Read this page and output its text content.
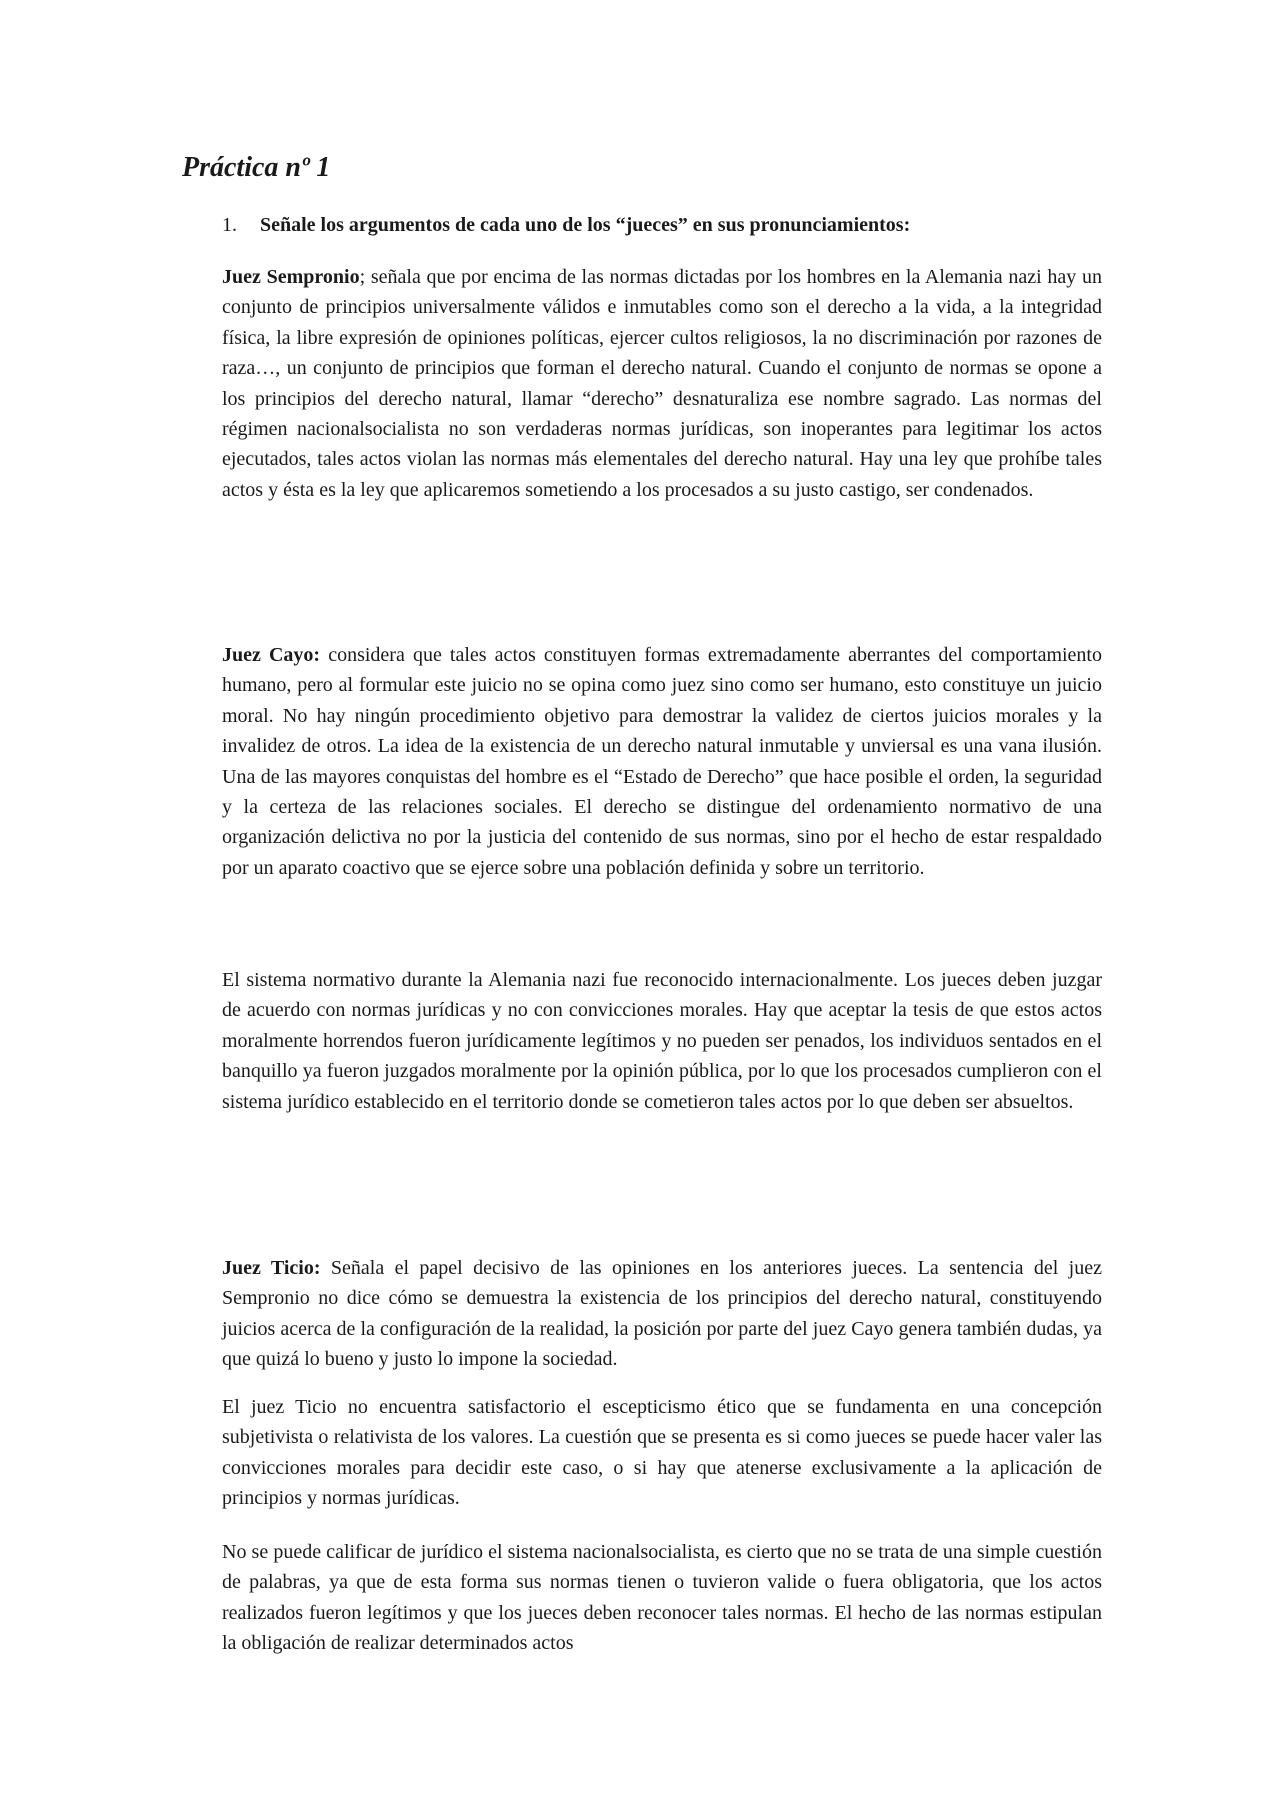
Práctica nº 1

1. Señale los argumentos de cada uno de los “jueces” en sus pronunciamientos:

Juez Sempronio; señala que por encima de las normas dictadas por los hombres en la Alemania nazi hay un conjunto de principios universalmente válidos e inmutables como son el derecho a la vida, a la integridad física, la libre expresión de opiniones políticas, ejercer cultos religiosos, la no discriminación por razones de raza…, un conjunto de principios que forman el derecho natural. Cuando el conjunto de normas se opone a los principios del derecho natural, llamar “derecho” desnaturaliza ese nombre sagrado. Las normas del régimen nacionalsocialista no son verdaderas normas jurídicas, son inoperantes para legitimar los actos ejecutados, tales actos violan las normas más elementales del derecho natural. Hay una ley que prohíbe tales actos y ésta es la ley que aplicaremos sometiendo a los procesados a su justo castigo, ser condenados.

Juez Cayo: considera que tales actos constituyen formas extremadamente aberrantes del comportamiento humano, pero al formular este juicio no se opina como juez sino como ser humano, esto constituye un juicio moral. No hay ningún procedimiento objetivo para demostrar la validez de ciertos juicios morales y la invalidez de otros. La idea de la existencia de un derecho natural inmutable y unviersal es una vana ilusión. Una de las mayores conquistas del hombre es el “Estado de Derecho” que hace posible el orden, la seguridad y la certeza de las relaciones sociales. El derecho se distingue del ordenamiento normativo de una organización delictiva no por la justicia del contenido de sus normas, sino por el hecho de estar respaldado por un aparato coactivo que se ejerce sobre una población definida y sobre un territorio.

El sistema normativo durante la Alemania nazi fue reconocido internacionalmente. Los jueces deben juzgar de acuerdo con normas jurídicas y no con convicciones morales. Hay que aceptar la tesis de que estos actos moralmente horrendos fueron jurídicamente legítimos y no pueden ser penados, los individuos sentados en el banquillo ya fueron juzgados moralmente por la opinión pública, por lo que los procesados cumplieron con el sistema jurídico establecido en el territorio donde se cometieron tales actos por lo que deben ser absueltos.

Juez Ticio: Señala el papel decisivo de las opiniones en los anteriores jueces. La sentencia del juez Sempronio no dice cómo se demuestra la existencia de los principios del derecho natural, constituyendo juicios acerca de la configuración de la realidad, la posición por parte del juez Cayo genera también dudas, ya que quizá lo bueno y justo lo impone la sociedad.

El juez Ticio no encuentra satisfactorio el escepticismo ético que se fundamenta en una concepción subjetivista o relativista de los valores. La cuestión que se presenta es si como jueces se puede hacer valer las convicciones morales para decidir este caso, o si hay que atenerse exclusivamente a la aplicación de principios y normas jurídicas.

No se puede calificar de jurídico el sistema nacionalsocialista, es cierto que no se trata de una simple cuestión de palabras, ya que de esta forma sus normas tienen o tuvieron valide o fuera obligatoria, que los actos realizados fueron legítimos y que los jueces deben reconocer tales normas. El hecho de las normas estipulan la obligación de realizar determinados actos
